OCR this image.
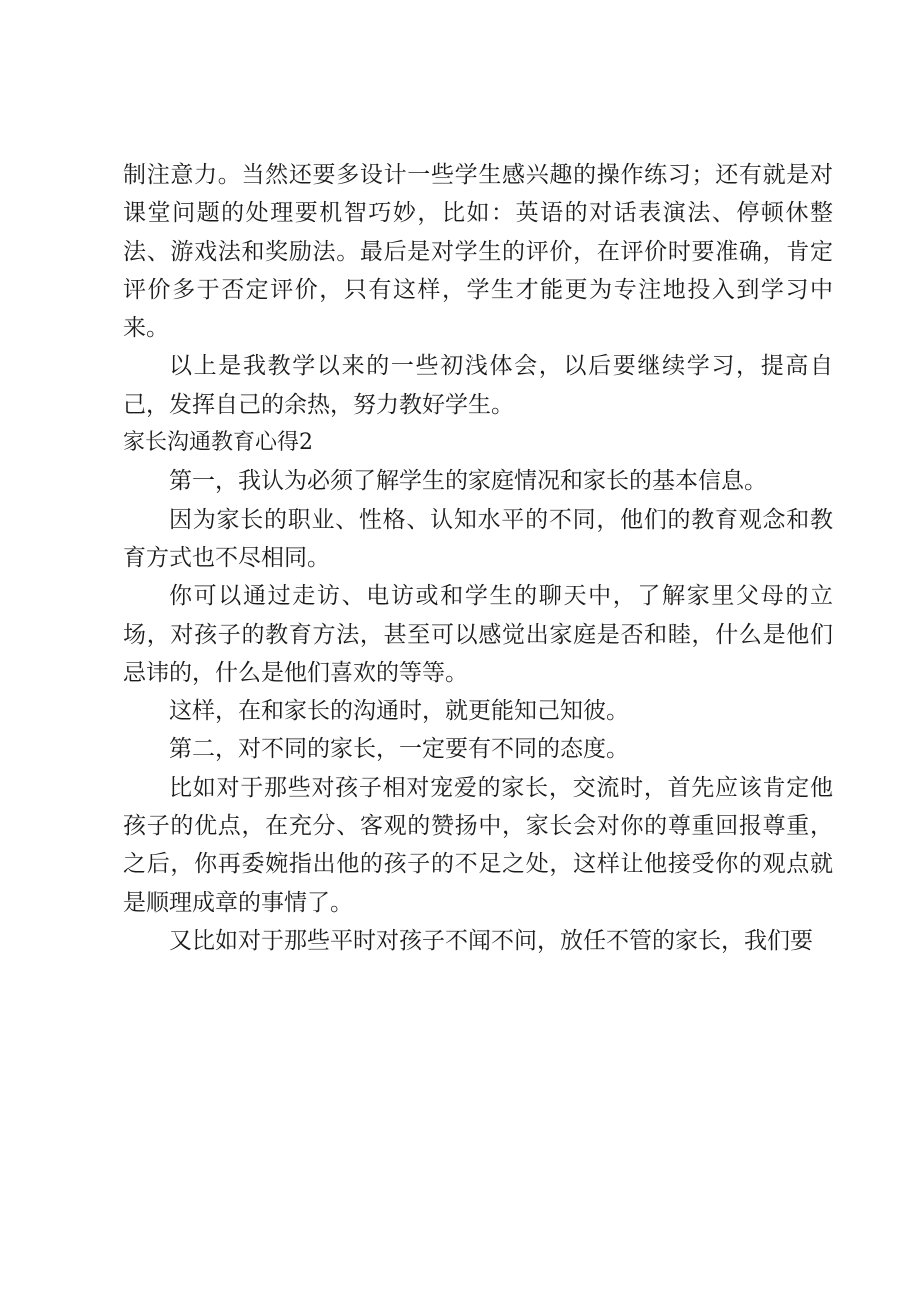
制注意力。当然还要多设计一些学生感兴趣的操作练习；还有就是对课堂问题的处理要机智巧妙，比如：英语的对话表演法、停顿休整法、游戏法和奖励法。最后是对学生的评价，在评价时要准确，肯定评价多于否定评价，只有这样，学生才能更为专注地投入到学习中来。

以上是我教学以来的一些初浅体会，以后要继续学习，提高自己，发挥自己的余热，努力教好学生。

家长沟通教育心得2

第一，我认为必须了解学生的家庭情况和家长的基本信息。

因为家长的职业、性格、认知水平的不同，他们的教育观念和教育方式也不尽相同。

你可以通过走访、电访或和学生的聊天中，了解家里父母的立场，对孩子的教育方法，甚至可以感觉出家庭是否和睦，什么是他们忌讳的，什么是他们喜欢的等等。

这样，在和家长的沟通时，就更能知己知彼。

第二，对不同的家长，一定要有不同的态度。

比如对于那些对孩子相对宠爱的家长，交流时，首先应该肯定他孩子的优点，在充分、客观的赞扬中，家长会对你的尊重回报尊重，之后，你再委婉指出他的孩子的不足之处，这样让他接受你的观点就是顺理成章的事情了。

又比如对于那些平时对孩子不闻不问，放任不管的家长，我们要
